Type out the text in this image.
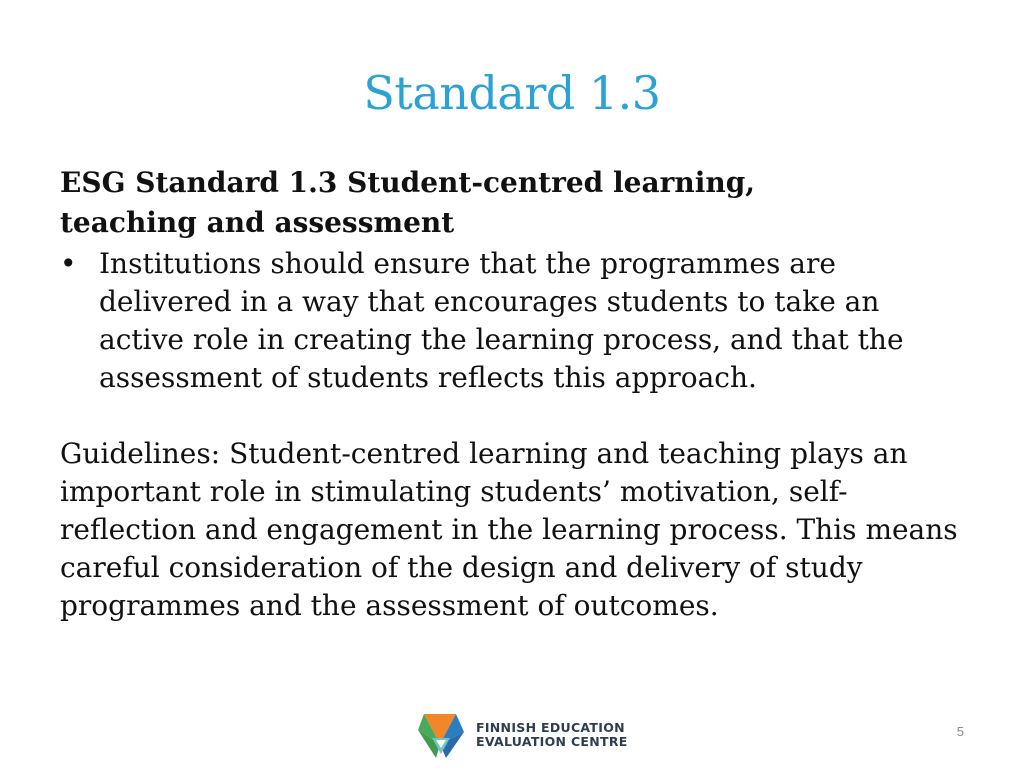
Standard 1.3

ESG Standard 1.3 Student-centred learning,
teaching and assessment

• Institutions should ensure that the programmes are delivered in a way that encourages students to take an active role in creating the learning process, and that the assessment of students reflects this approach.

Guidelines: Student-centred learning and teaching plays an important role in stimulating students’ motivation, self-reflection and engagement in the learning process. This means careful consideration of the design and delivery of study programmes and the assessment of outcomes.

FINNISH EDUCATION
EVALUATION CENTRE
5
